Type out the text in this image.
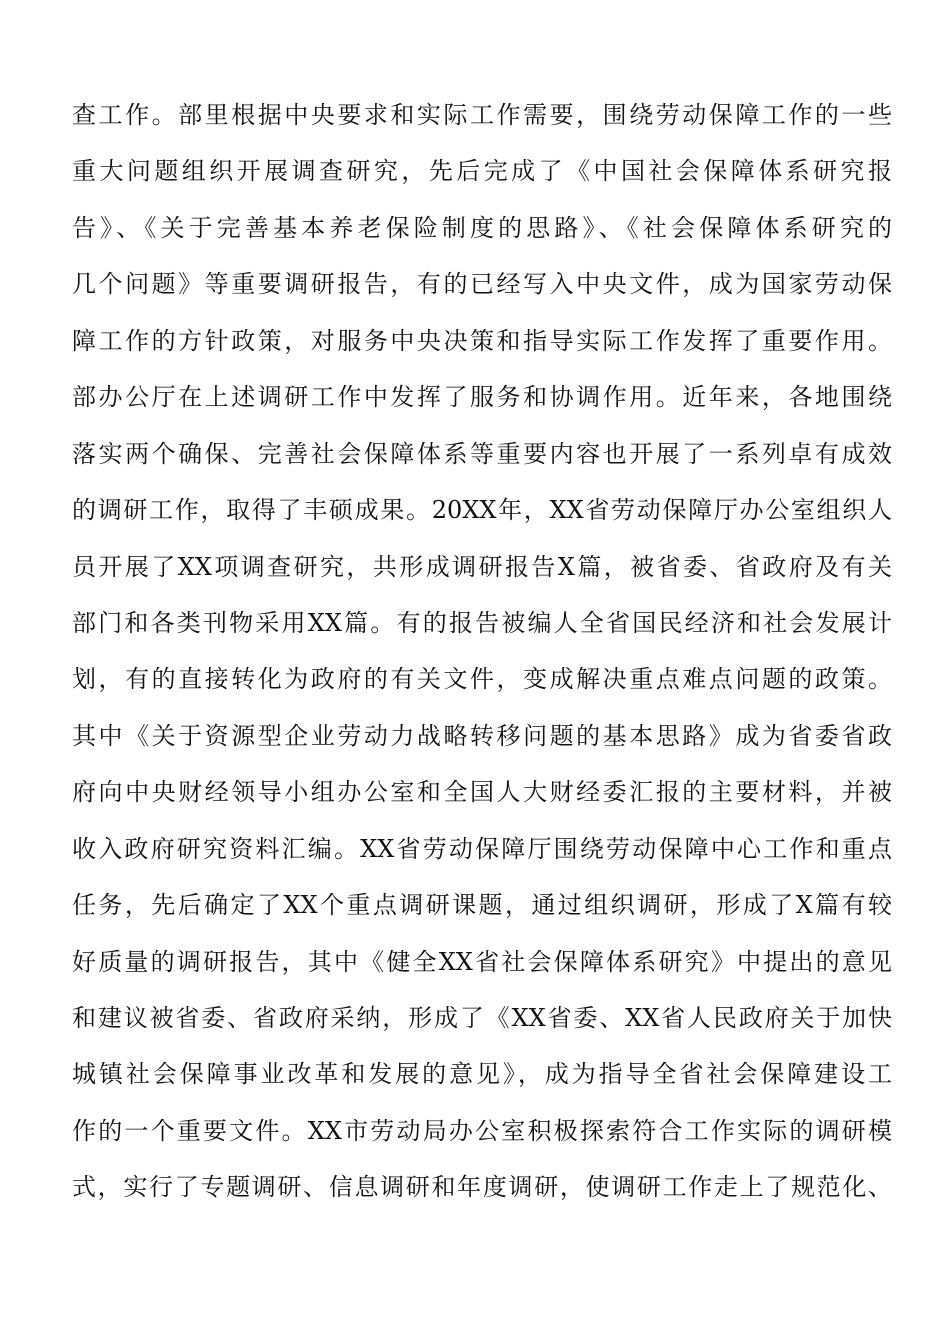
查工作。部里根据中央要求和实际工作需要，围绕劳动保障工作的一些
重大问题组织开展调查研究，先后完成了《中国社会保障体系研究报
告》、《关于完善基本养老保险制度的思路》、《社会保障体系研究的
几个问题》等重要调研报告，有的已经写入中央文件，成为国家劳动保
障工作的方针政策，对服务中央决策和指导实际工作发挥了重要作用。
部办公厅在上述调研工作中发挥了服务和协调作用。近年来，各地围绕
落实两个确保、完善社会保障体系等重要内容也开展了一系列卓有成效
的调研工作，取得了丰硕成果。20XX年，XX省劳动保障厅办公室组织人
员开展了XX项调查研究，共形成调研报告X篇，被省委、省政府及有关
部门和各类刊物采用XX篇。有的报告被编人全省国民经济和社会发展计
划，有的直接转化为政府的有关文件，变成解决重点难点问题的政策。
其中《关于资源型企业劳动力战略转移问题的基本思路》成为省委省政
府向中央财经领导小组办公室和全国人大财经委汇报的主要材料，并被
收入政府研究资料汇编。XX省劳动保障厅围绕劳动保障中心工作和重点
任务，先后确定了XX个重点调研课题，通过组织调研，形成了X篇有较
好质量的调研报告，其中《健全XX省社会保障体系研究》中提出的意见
和建议被省委、省政府采纳，形成了《XX省委、XX省人民政府关于加快
城镇社会保障事业改革和发展的意见》，成为指导全省社会保障建设工
作的一个重要文件。XX市劳动局办公室积极探索符合工作实际的调研模
式，实行了专题调研、信息调研和年度调研，使调研工作走上了规范化、
